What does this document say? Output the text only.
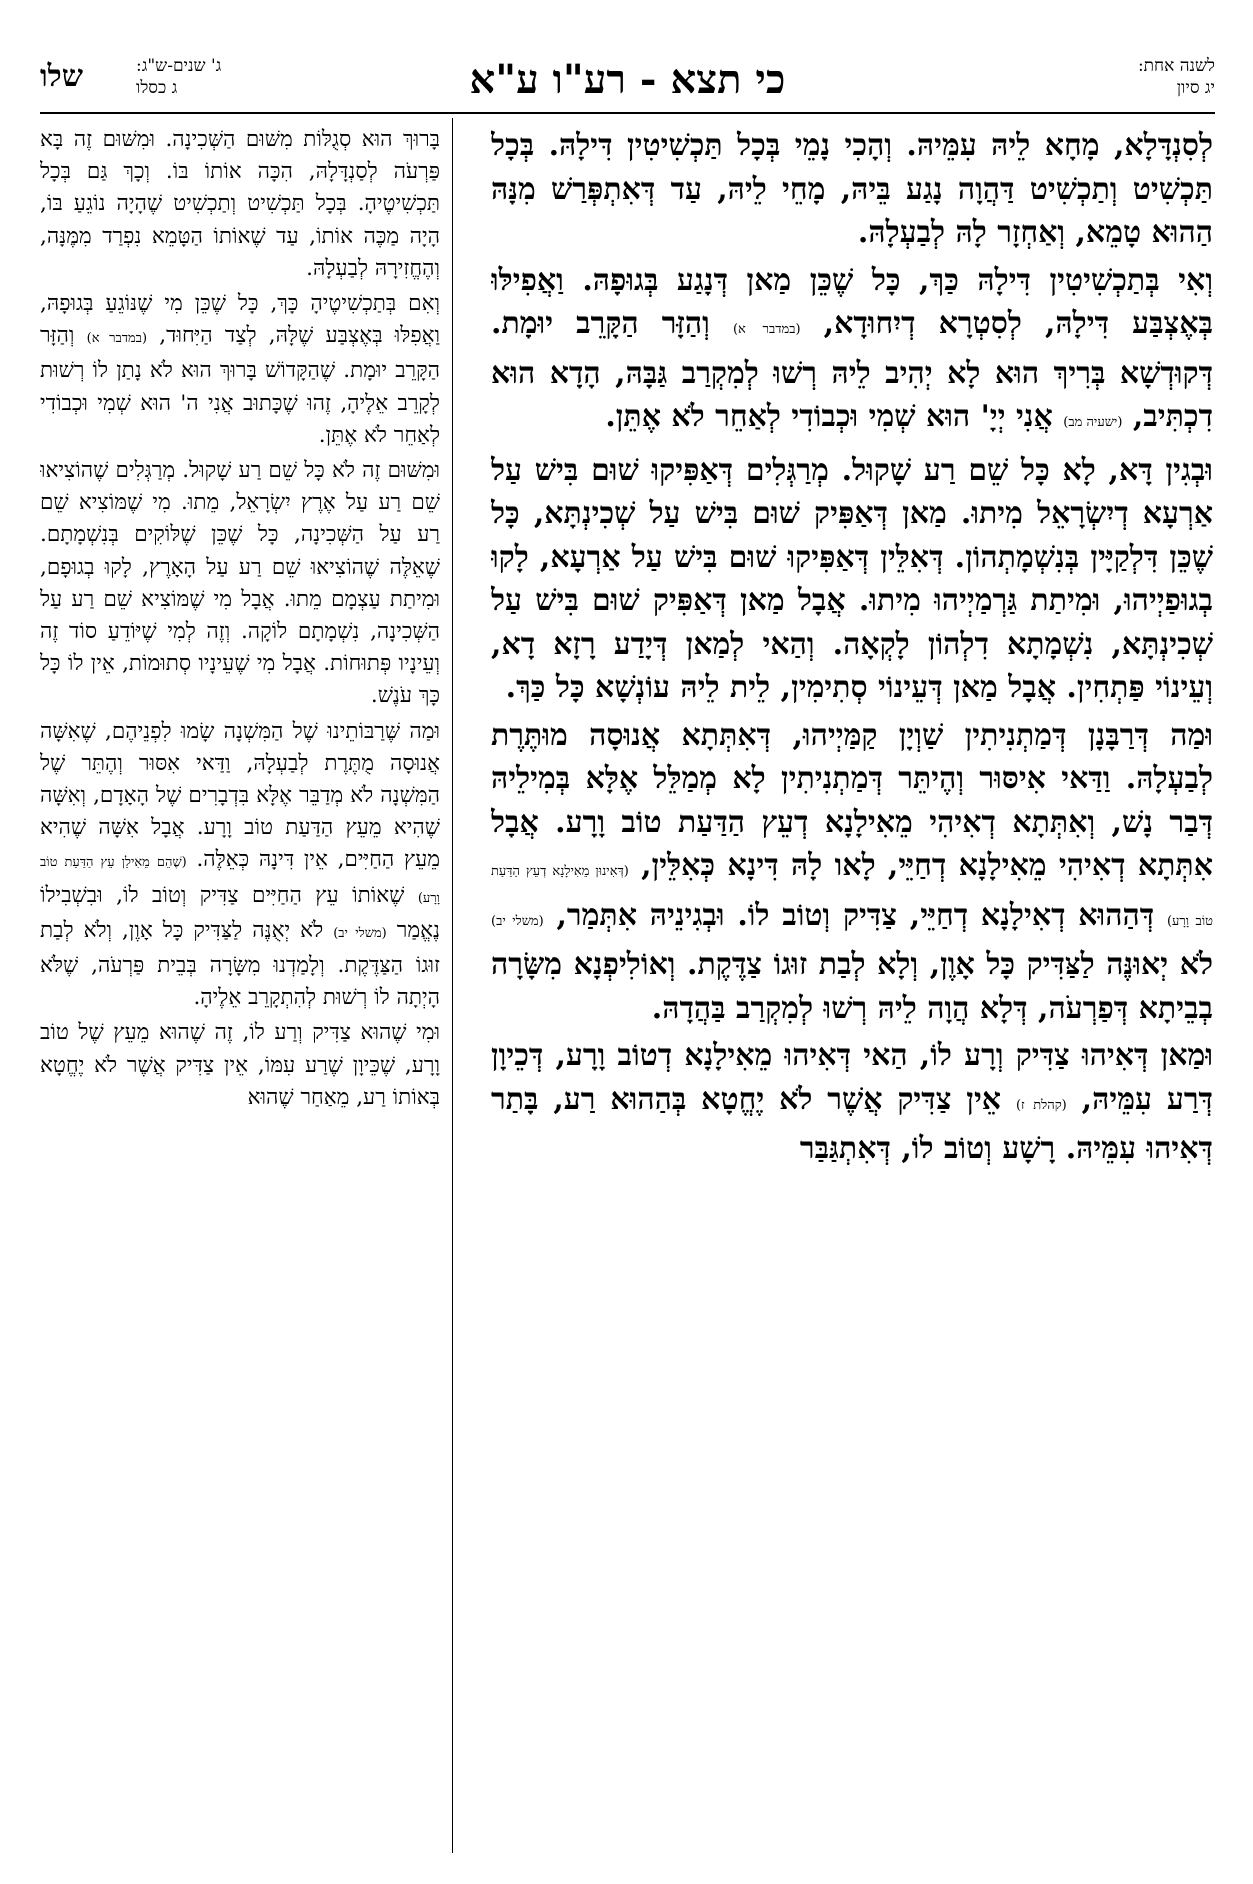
לשנה אחת:
יג סיון
כי תצא - רע"ו ע"א
ג' שנים-ש"ג:
ג כסלו
שלו

לְסִנְדָּלָא, מָחָא לֵיהּ עִמֵּיהּ. וְהָכִי נָמֵי בְּכָל תַּכְשִׁיטִין דִּילָהּ. בְּכָל תַּכְשִׁיט וְתַכְשִׁיט דַּהֲוָה נָגַע בֵּיהּ, מָחֵי לֵיהּ, עַד דְּאִתְפְּרַשׁ מִנָּהּ הַהוּא טָמֵא, וְאַחְזָר לָהּ לְבַעְלָהּ.

וְאִי בְּתַכְשִׁיטִין דִּילָהּ כַּךְ, כָּל שֶׁכֵּן מַאן דְּנָגַע בְּגוּפָהּ. וַאֲפִילּוּ בְּאֶצְבַּע דִּילָהּ, לְסִטְרָא דְיִחוּדָא, (במדבר א) וְהַזָּר הַקָּרֵב יוּמָת. דְּקוּדְשָׁא בְּרִיךְ הוּא לָא יְהִיב לֵיהּ רְשׁוּ לְמִקְרַב גַּבָּהּ, הָדָא הוּא דִכְתִּיב, (ישעיה מב) אֲנִי יְיָ' הוּא שְׁמִי וּכְבוֹדִי לְאַחֵר לֹא אֶתֵּן.

וּבְגִין דָּא, לָא כָּל שֵׁם רַע שָׁקוּל. מְרַגְּלִים דְּאַפִּיקוּ שׁוּם בִּישׁ עַל אַרְעָא דְיִשְׂרָאֵל מִיתוּ. מַאן דְּאַפִּיק שׁוּם בִּישׁ עַל שְׁכִינְתָּא, כָּל שֶׁכֵּן דִּלְקַיָּין בְּנִשְׁמָתְהוֹן. דְּאִלֵּין דְּאַפִּיקוּ שׁוּם בִּישׁ עַל אַרְעָא, לָקוּ בְגוּפַיְיהוּ, וּמִיתַת גַּרְמַיְיהוּ מִיתוּ. אֲבָל מַאן דְּאַפִּיק שׁוּם בִּישׁ עַל שְׁכִינְתָּא, נִשְׁמָתָא דִלְהוֹן לָקְאָה. וְהַאי לְמַאן דְּיָדַע רָזָא דָא, וְעֵינוֹי פַּתְחִין. אֲבָל מַאן דְּעֵינוֹי סְתִימִין, לֵית לֵיהּ עוֹנְשָׁא כָּל כַּךְ.

וּמַה דְּרַבָּנָן דְּמַתְנִיתִין שַׁוְיָן קַמַּיְיהוּ, דְּאִתְּתָא אֲנוּסָה מוּתֶּרֶת לְבַעְלָהּ. וַדַּאי אִיסּוּר וְהֶיתֵּר דְּמַתְנִיתִין לָא מְמַלֵּל אֶלָּא בְּמִילֵיהּ דְּבַר נָשׁ, וְאִתְּתָא דְאִיהִי מֵאִילָנָא דְעֵץ הַדַּעַת טוֹב וָרָע. אֲבָל אִתְּתָא דְאִיהִי מֵאִילָנָא דְחַיֵּי, לָאו לָהּ דִּינָא כְּאִלֵּין, (דְּאִינוּן מֵאִילָנָא דְעֵץ הַדַּעַת טוֹב וָרָע) דְּהַהוּא דְאִילָנָא דְחַיֵּי, צַדִּיק וְטוֹב לוֹ. וּבְגִינֵיהּ אִתְּמַר, (משלי יב) לֹא יְאוּנֶּה לַצַּדִּיק כָּל אָוֶן, וְלָא לְבַת זוּגוֹ צַדֶּקֶת. וְאוֹלִיפְנָא מִשָּׂרָה בְבֵיתָא דְּפַרְעֹה, דְּלָא הֲוָה לֵיהּ רְשׁוּ לְמִקְרַב בַּהֲדָהּ.

וּמַאן דְּאִיהוּ צַדִּיק וְרָע לוֹ, הַאי דְּאִיהוּ מֵאִילָנָא דְטוֹב וָרָע, דְּכֵיוָן דְּרַע עִמֵּיהּ, (קהלת ז) אֵין צַדִּיק אֲשֶׁר לֹא יֶחֱטָא בְּהַהוּא רַע, בָּתַר דְּאִיהוּ עִמֵּיהּ. רָשָׁע וְטוֹב לוֹ, דְּאִתְגַּבַּר

בָּרוּךְ הוּא סְגֻלּוֹת מִשּׁוּם הַשְּׁכִינָה. וּמִשּׁוּם זֶה בָּא פַּרְעֹה לְסַנְדָּלָהּ, הִכָּה אוֹתוֹ בּוֹ. וְכָךְ גַּם בְּכָל תַּכְשִׁיטֶיהָ. בְּכָל תַּכְשִׁיט וְתַכְשִׁיט שֶׁהָיָה נוֹגֵעַ בּוֹ, הָיָה מַכֶּה אוֹתוֹ, עַד שֶׁאוֹתוֹ הַטָּמֵא נִפְרַד מִמֶּנָּה, וְהֶחֱזִירָהּ לְבַעְלָהּ.

וְאִם בְּתַכְשִׁיטֶיהָ כָּךְ, כָּל שֶׁכֵּן מִי שֶׁנּוֹגֵעַ בְּגוּפָהּ, וַאֲפִלּוּ בְּאֶצְבַּע שֶׁלָּהּ, לְצַד הַיִּחוּד, (במדבר א) וְהַזָּר הַקָּרֵב יוּמָת. שֶׁהַקָּדוֹשׁ בָּרוּךְ הוּא לֹא נָתַן לוֹ רְשׁוּת לְקָרֵב אֵלֶיהָ, זֶהוּ שֶׁכָּתוּב אֲנִי ה' הוּא שְׁמִי וּכְבוֹדִי לְאַחֵר לֹא אֶתֵּן.

וּמִשּׁוּם זֶה לֹא כָּל שֵׁם רַע שָׁקוּל. מְרַגְּלִים שֶׁהוֹצִיאוּ שֵׁם רַע עַל אֶרֶץ יִשְׂרָאֵל, מֵתוּ. מִי שֶׁמּוֹצִיא שֵׁם רַע עַל הַשְּׁכִינָה, כָּל שֶׁכֵּן שֶׁלּוֹקִים בְּנִשְׁמָתָם. שֶׁאֵלֶּה שֶׁהוֹצִיאוּ שֵׁם רַע עַל הָאָרֶץ, לָקוּ בְגוּפָם, וּמִיתַת עַצְמָם מֵתוּ. אֲבָל מִי שֶׁמּוֹצִיא שֵׁם רַע עַל הַשְּׁכִינָה, נִשְׁמָתָם לוֹקָה. וְזֶה לְמִי שֶׁיּוֹדֵעַ סוֹד זֶה וְעֵינָיו פְּתוּחוֹת. אֲבָל מִי שֶׁעֵינָיו סְתוּמוֹת, אֵין לוֹ כָּל כָּךְ עֹנֶשׁ.

וּמַה שֶּׁרַבּוֹתֵינוּ שֶׁל הַמִּשְׁנָה שָׂמוּ לִפְנֵיהֶם, שֶׁאִשָּׁה אֲנוּסָה מֻתֶּרֶת לְבַעְלָהּ, וַדַּאי אִסּוּר וְהֶתֵּר שֶׁל הַמִּשְׁנָה לֹא מְדַבֵּר אֶלָּא בִּדְבָרִים שֶׁל הָאָדָם, וְאִשָּׁה שֶׁהִיא מֵעֵץ הַדַּעַת טוֹב וָרָע. אֲבָל אִשָּׁה שֶׁהִיא מֵעֵץ הַחַיִּים, אֵין דִּינָהּ כְּאֵלֶּה. (שֶׁהֵם מֵאִילַן עֵץ הַדַּעַת טוֹב וָרָע) שֶׁאוֹתוֹ עֵץ הַחַיִּים צַדִּיק וְטוֹב לוֹ, וּבִשְׁבִילוֹ נֶאֱמַר (משלי יב) לֹא יְאֻנֶּה לַצַּדִּיק כָּל אָוֶן, וְלֹא לְבַת זוּגוֹ הַצַּדֶּקֶת. וְלָמַדְנוּ מִשָּׂרָה בְּבֵית פַּרְעֹה, שֶׁלֹּא הָיְתָה לוֹ רְשׁוּת לְהִתְקָרֵב אֵלֶיהָ.

וּמִי שֶׁהוּא צַדִּיק וְרַע לוֹ, זֶה שֶׁהוּא מֵעֵץ שֶׁל טוֹב וָרָע, שֶׁכֵּיוָן שֶׁרַע עִמּוֹ, אֵין צַדִּיק אֲשֶׁר לֹא יֶחֱטָא בְּאוֹתוֹ רַע, מֵאַחַר שֶׁהוּא
